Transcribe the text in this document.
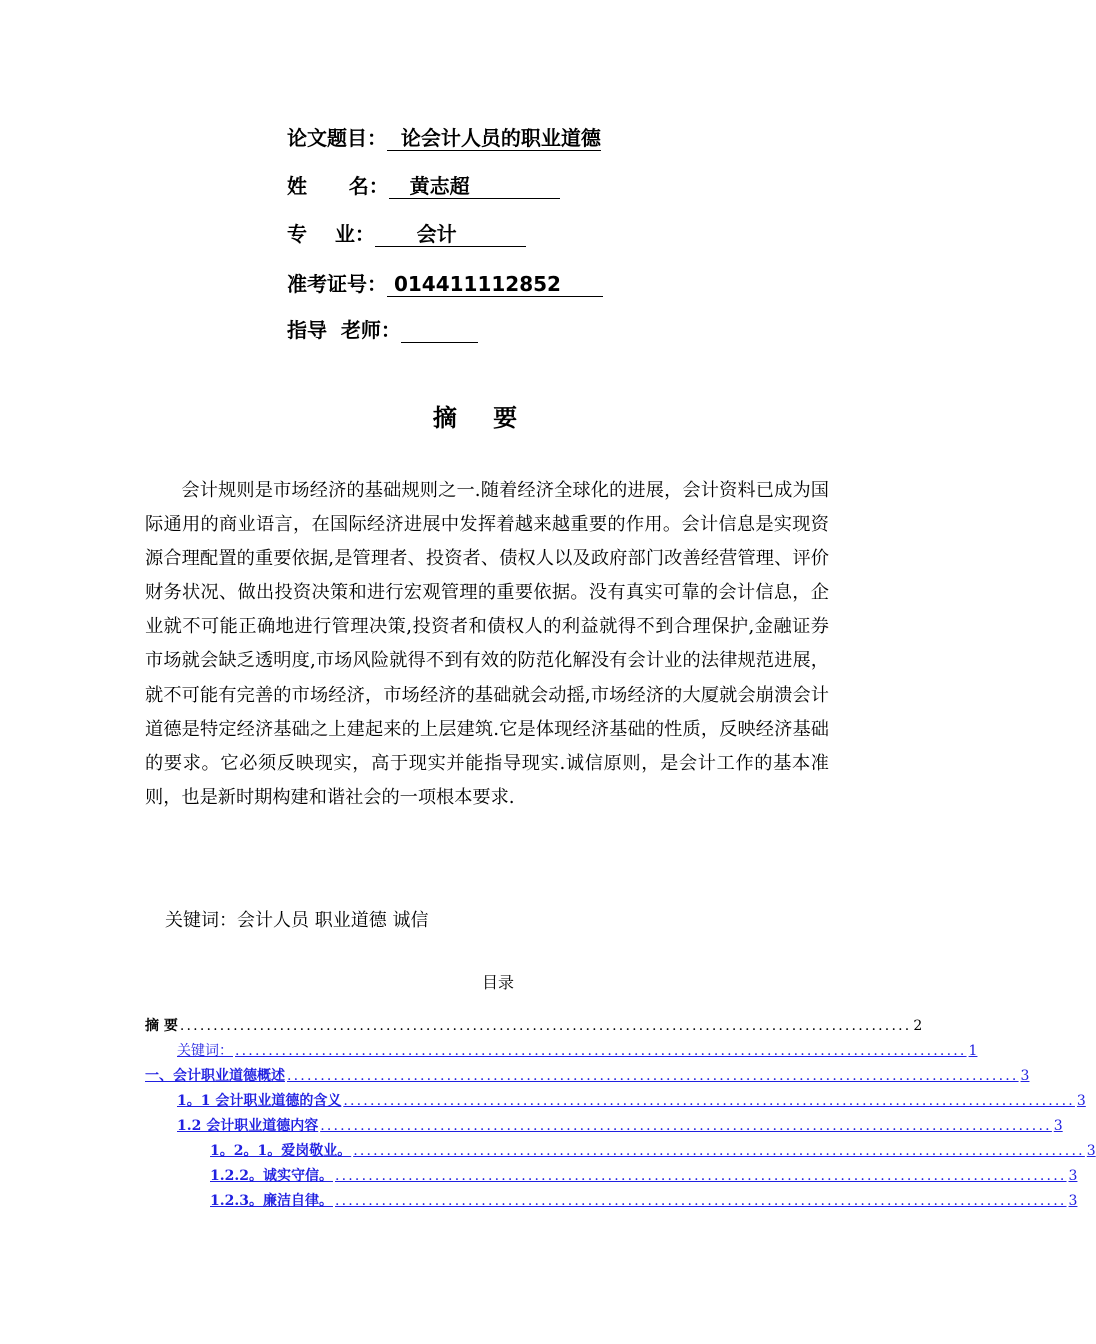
论文题目：  论会计人员的职业道德
姓      名：   黄志超
专    业：      会计
准考证号： 014411112852
指导  老师：
摘 要

会计规则是市场经济的基础规则之一.随着经济全球化的进展，会计资料已成为国际通用的商业语言，在国际经济进展中发挥着越来越重要的作用。会计信息是实现资源合理配置的重要依据,是管理者、投资者、债权人以及政府部门改善经营管理、评价财务状况、做出投资决策和进行宏观管理的重要依据。没有真实可靠的会计信息，企业就不可能正确地进行管理决策,投资者和债权人的利益就得不到合理保护,金融证券市场就会缺乏透明度,市场风险就得不到有效的防范化解没有会计业的法律规范进展，就不可能有完善的市场经济，市场经济的基础就会动摇,市场经济的大厦就会崩溃会计道德是特定经济基础之上建起来的上层建筑.它是体现经济基础的性质，反映经济基础的要求。它必须反映现实，高于现实并能指导现实.诚信原则，是会计工作的基本准则，也是新时期构建和谐社会的一项根本要求.

关键词：会计人员 职业道德 诚信
目录
摘 要 .............................................................................................................. 2
关键词： .............................................................................................................. 1
一、会计职业道德概述 .............................................................................................................. 3
1。1 会计职业道德的含义 .............................................................................................................. 3
1.2 会计职业道德内容 .............................................................................................................. 3
1。2。1。爱岗敬业。 .............................................................................................................. 3
1.2.2。诚实守信。 .............................................................................................................. 3
1.2.3。廉洁自律。 .............................................................................................................. 3
